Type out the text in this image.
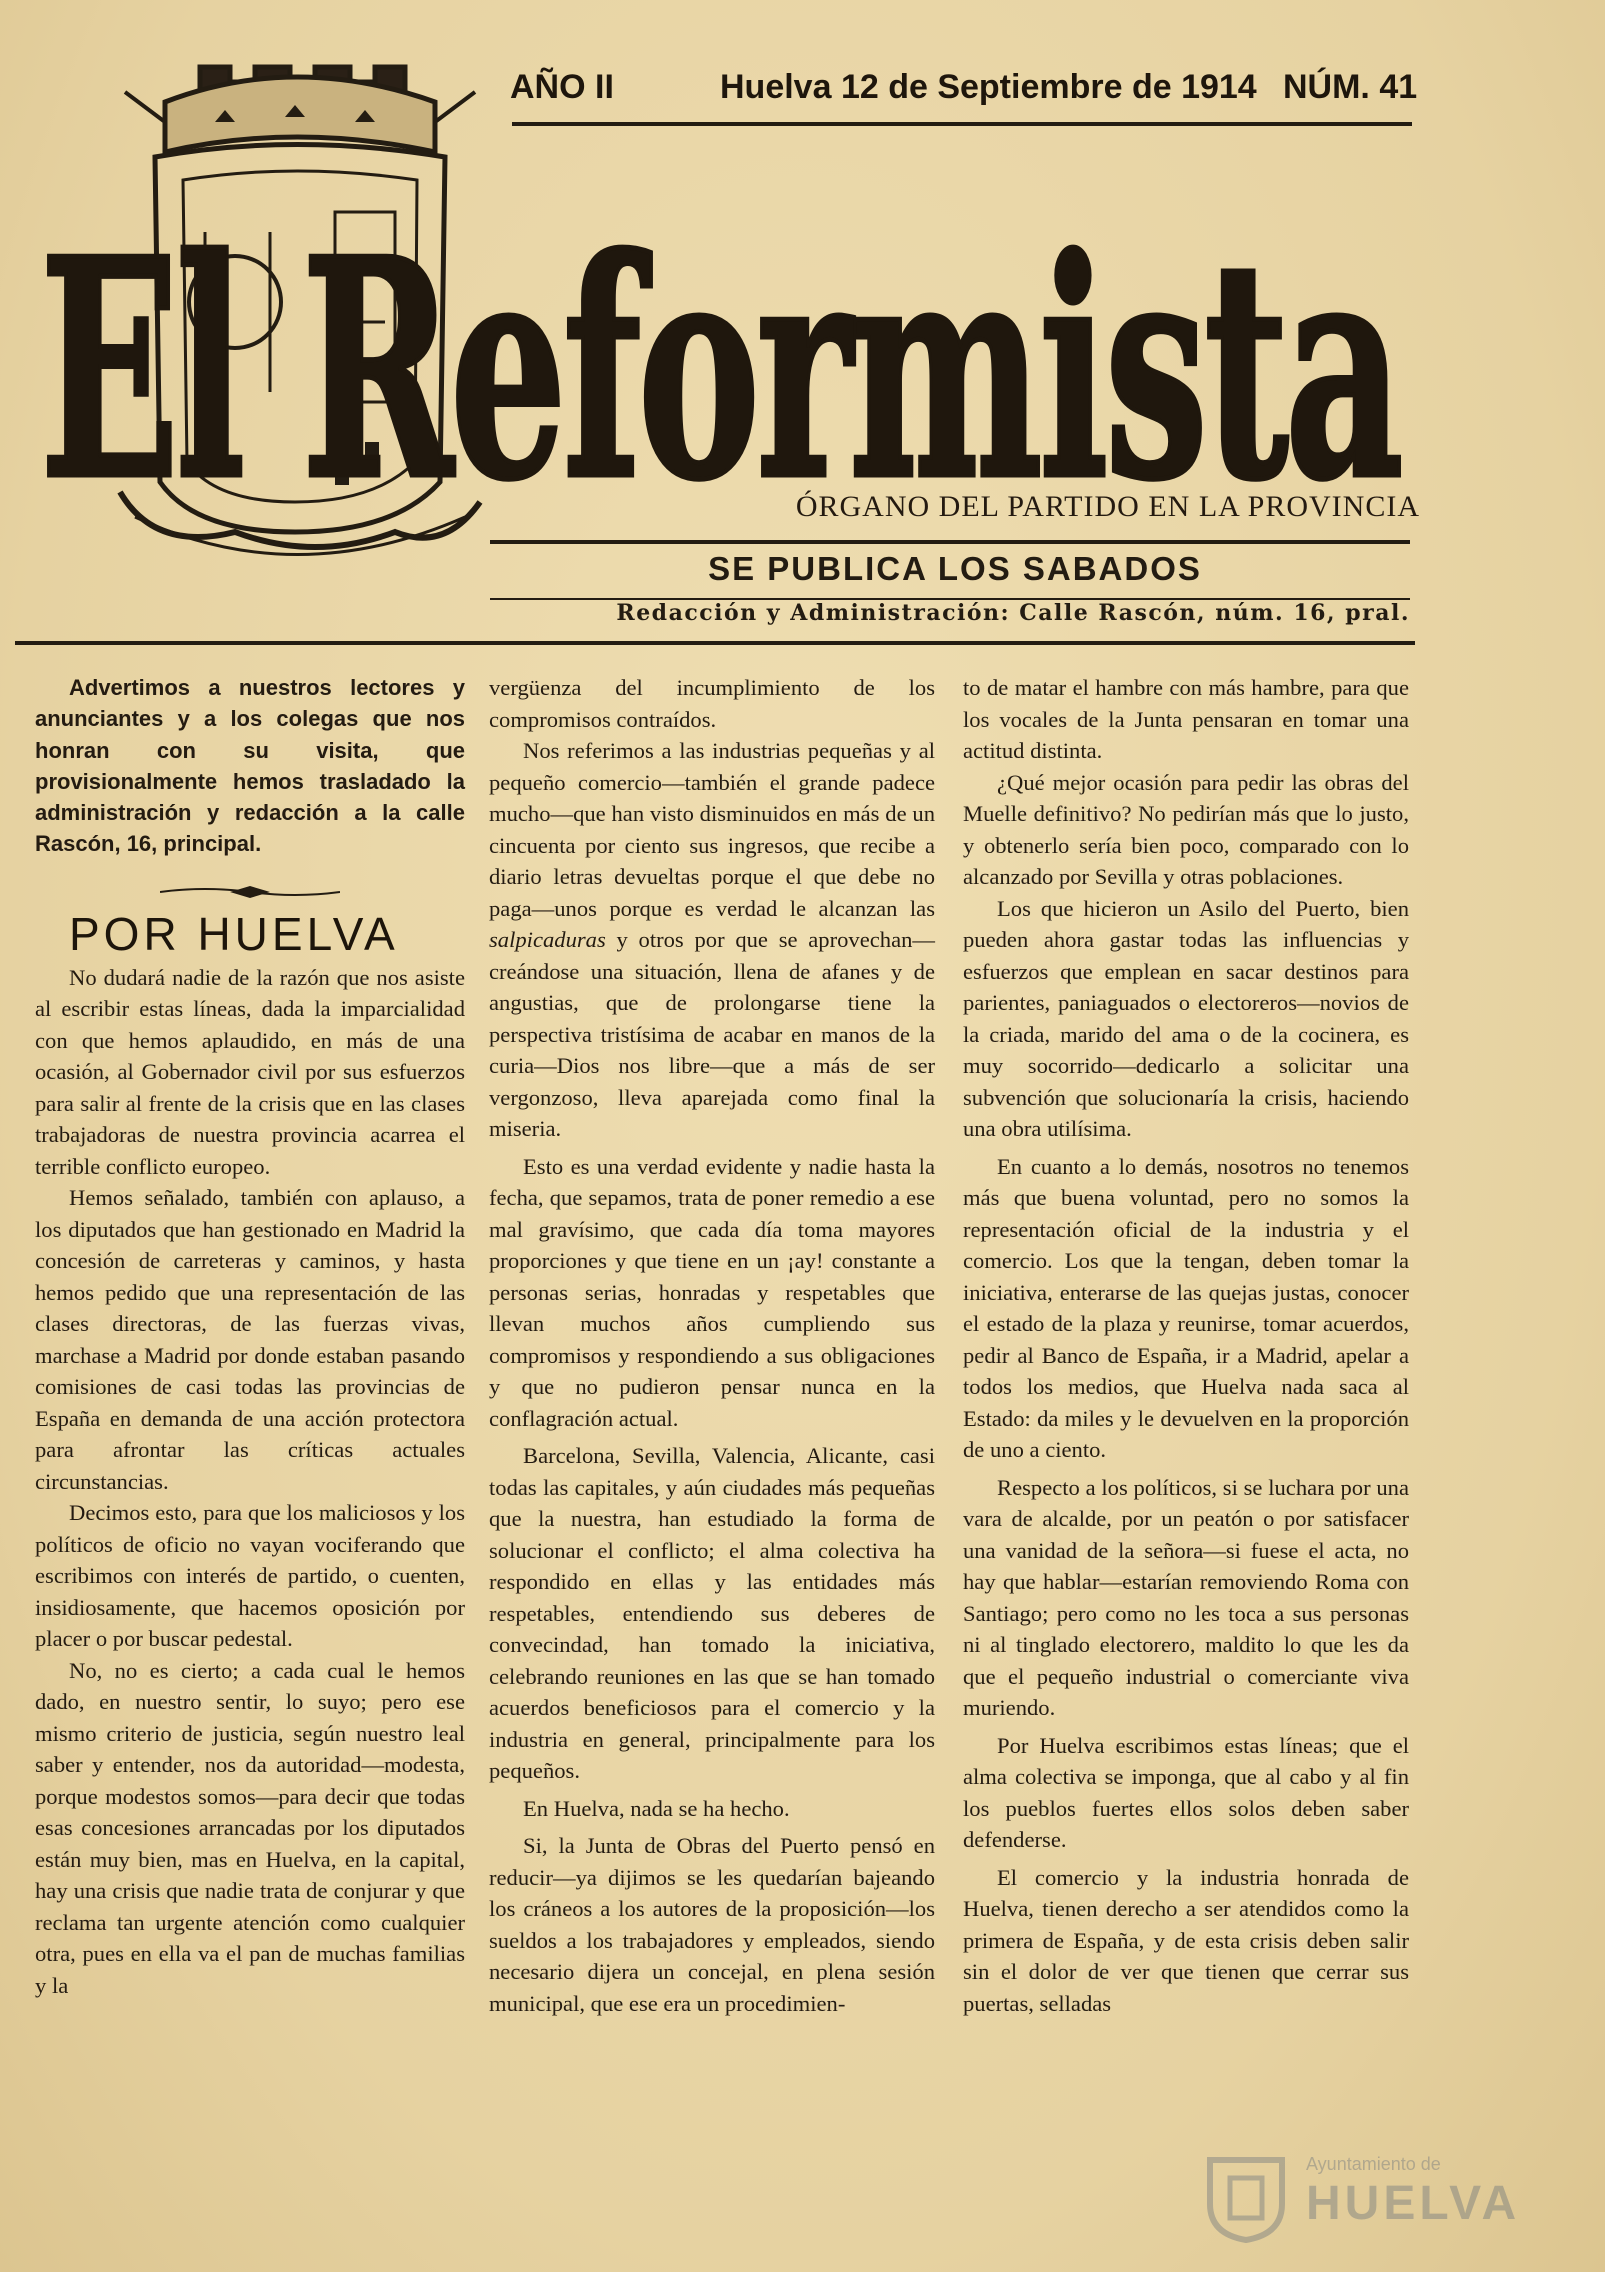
AÑO II	Huelva 12 de Septiembre de 1914 NÚM. 41
El Reformista
ÓRGANO DEL PARTIDO EN LA PROVINCIA
SE PUBLICA LOS SABADOS
Redacción y Administración: Calle Rascón, núm. 16, pral.

Advertimos a nuestros lectores y anunciantes y a los colegas que nos honran con su visita, que provisionalmente hemos trasladado la administración y redacción a la calle Rascón, 16, principal.

POR HUELVA

No dudará nadie de la razón que nos asiste al escribir estas líneas, dada la imparcialidad con que hemos aplaudido, en más de una ocasión, al Gobernador civil por sus esfuerzos para salir al frente de la crisis que en las clases trabajadoras de nuestra provincia acarrea el terrible conflicto europeo.

Hemos señalado, también con aplauso, a los diputados que han gestionado en Madrid la concesión de carreteras y caminos, y hasta hemos pedido que una representación de las clases directoras, de las fuerzas vivas, marchase a Madrid por donde estaban pasando comisiones de casi todas las provincias de España en demanda de una acción protectora para afrontar las críticas actuales circunstancias.

Decimos esto, para que los maliciosos y los políticos de oficio no vayan vociferando que escribimos con interés de partido, o cuenten, insidiosamente, que hacemos oposición por placer o por buscar pedestal.

No, no es cierto; a cada cual le hemos dado, en nuestro sentir, lo suyo; pero ese mismo criterio de justicia, según nuestro leal saber y entender, nos da autoridad—modesta, porque modestos somos—para decir que todas esas concesiones arrancadas por los diputados están muy bien, mas en Huelva, en la capital, hay una crisis que nadie trata de conjurar y que reclama tan urgente atención como cualquier otra, pues en ella va el pan de muchas familias y la

vergüenza del incumplimiento de los compromisos contraídos.

Nos referimos a las industrias pequeñas y al pequeño comercio—también el grande padece mucho—que han visto disminuidos en más de un cincuenta por ciento sus ingresos, que recibe a diario letras devueltas porque el que debe no paga—unos porque es verdad le alcanzan las salpicaduras y otros por que se aprovechan—creándose una situación, llena de afanes y de angustias, que de prolongarse tiene la perspectiva tristísima de acabar en manos de la curia—Dios nos libre—que a más de ser vergonzoso, lleva aparejada como final la miseria.

Esto es una verdad evidente y nadie hasta la fecha, que sepamos, trata de poner remedio a ese mal gravísimo, que cada día toma mayores proporciones y que tiene en un ¡ay! constante a personas serias, honradas y respetables que llevan muchos años cumpliendo sus compromisos y respondiendo a sus obligaciones y que no pudieron pensar nunca en la conflagración actual.

Barcelona, Sevilla, Valencia, Alicante, casi todas las capitales, y aún ciudades más pequeñas que la nuestra, han estudiado la forma de solucionar el conflicto; el alma colectiva ha respondido en ellas y las entidades más respetables, entendiendo sus deberes de convecindad, han tomado la iniciativa, celebrando reuniones en las que se han tomado acuerdos beneficiosos para el comercio y la industria en general, principalmente para los pequeños.

En Huelva, nada se ha hecho.

Si, la Junta de Obras del Puerto pensó en reducir—ya dijimos se les quedarían bajeando los cráneos a los autores de la proposición—los sueldos a los trabajadores y empleados, siendo necesario dijera un concejal, en plena sesión municipal, que ese era un procedimien-

to de matar el hambre con más hambre, para que los vocales de la Junta pensaran en tomar una actitud distinta.

¿Qué mejor ocasión para pedir las obras del Muelle definitivo? No pedirían más que lo justo, y obtenerlo sería bien poco, comparado con lo alcanzado por Sevilla y otras poblaciones.

Los que hicieron un Asilo del Puerto, bien pueden ahora gastar todas las influencias y esfuerzos que emplean en sacar destinos para parientes, paniaguados o electoreros—novios de la criada, marido del ama o de la cocinera, es muy socorrido—dedicarlo a solicitar una subvención que solucionaría la crisis, haciendo una obra utilísima.

En cuanto a lo demás, nosotros no tenemos más que buena voluntad, pero no somos la representación oficial de la industria y el comercio. Los que la tengan, deben tomar la iniciativa, enterarse de las quejas justas, conocer el estado de la plaza y reunirse, tomar acuerdos, pedir al Banco de España, ir a Madrid, apelar a todos los medios, que Huelva nada saca al Estado: da miles y le devuelven en la proporción de uno a ciento.

Respecto a los políticos, si se luchara por una vara de alcalde, por un peatón o por satisfacer una vanidad de la señora—si fuese el acta, no hay que hablar—estarían removiendo Roma con Santiago; pero como no les toca a sus personas ni al tinglado electorero, maldito lo que les da que el pequeño industrial o comerciante viva muriendo.

Por Huelva escribimos estas líneas; que el alma colectiva se imponga, que al cabo y al fin los pueblos fuertes ellos solos deben saber defenderse.

El comercio y la industria honrada de Huelva, tienen derecho a ser atendidos como la primera de España, y de esta crisis deben salir sin el dolor de ver que tienen que cerrar sus puertas, selladas

Ayuntamiento de
HUELVA
